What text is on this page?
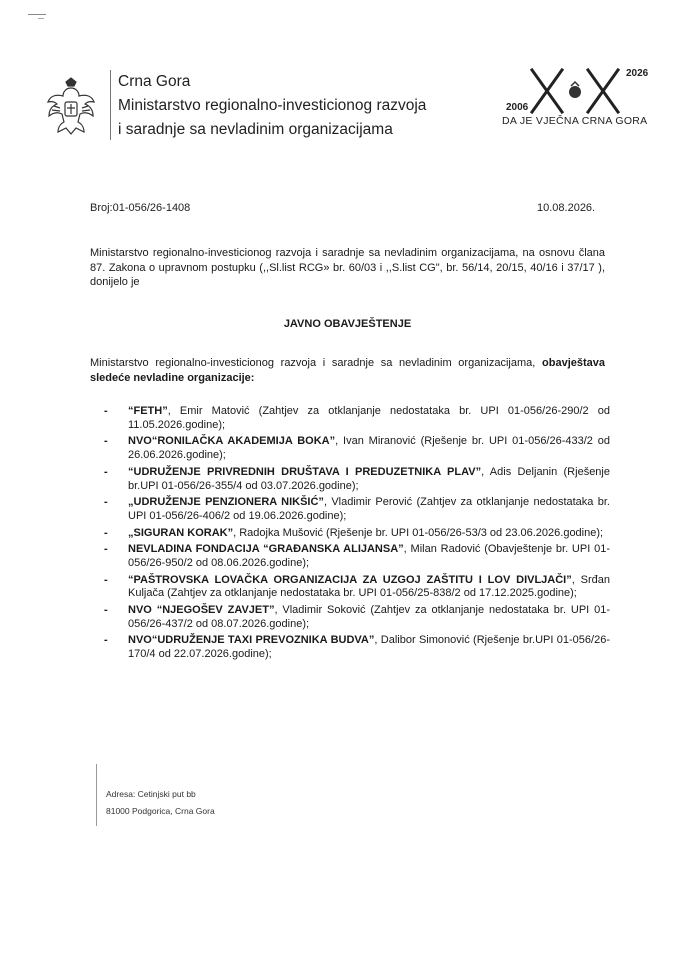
Crna Gora
Ministarstvo regionalno-investicionog razvoja
i saradnje sa nevladinim organizacijama
2006
2026
DA JE VJEČNA CRNA GORA
Broj:01-056/26-1408	10.08.2026.
Ministarstvo regionalno-investicionog razvoja i saradnje sa nevladinim organizacijama, na osnovu člana 87. Zakona o upravnom postupku (,,Sl.list RCG» br. 60/03 i ,,S.list CG", br. 56/14, 20/15, 40/16 i 37/17 ), donijelo je
JAVNO OBAVJEŠTENJE
Ministarstvo regionalno-investicionog razvoja i saradnje sa nevladinim organizacijama, obavještava sledeće nevladine organizacije:
- “FETH”, Emir Matović (Zahtjev za otklanjanje nedostataka br. UPI 01-056/26-290/2 od 11.05.2026.godine);
- NVO“RONILAČKA AKADEMIJA BOKA”, Ivan Miranović (Rješenje br. UPI 01-056/26-433/2 od 26.06.2026.godine);
- “UDRUŽENJE PRIVREDNIH DRUŠTAVA I PREDUZETNIKA PLAV”, Adis Deljanin (Rješenje br.UPI 01-056/26-355/4 od 03.07.2026.godine);
- „UDRUŽENJE PENZIONERA NIKŠIĆ”, Vladimir Perović (Zahtjev za otklanjanje nedostataka br. UPI 01-056/26-406/2 od 19.06.2026.godine);
- „SIGURAN KORAK”, Radojka Mušović (Rješenje br. UPI 01-056/26-53/3 od 23.06.2026.godine);
- NEVLADINA FONDACIJA “GRAĐANSKA ALIJANSA”, Milan Radović (Obavještenje br. UPI 01-056/26-950/2 od 08.06.2026.godine);
- “PAŠTROVSKA LOVAČKA ORGANIZACIJA ZA UZGOJ ZAŠTITU I LOV DIVLJAČI”, Srđan Kuljača (Zahtjev za otklanjanje nedostataka br. UPI 01-056/25-838/2 od 17.12.2025.godine);
- NVO “NJEGOŠEV ZAVJET”, Vladimir Soković (Zahtjev za otklanjanje nedostataka br. UPI 01-056/26-437/2 od 08.07.2026.godine);
- NVO“UDRUŽENJE TAXI PREVOZNIKA BUDVA”, Dalibor Simonović (Rješenje br.UPI 01-056/26-170/4 od 22.07.2026.godine);
Adresa: Cetinjski put bb
81000 Podgorica, Crna Gora
